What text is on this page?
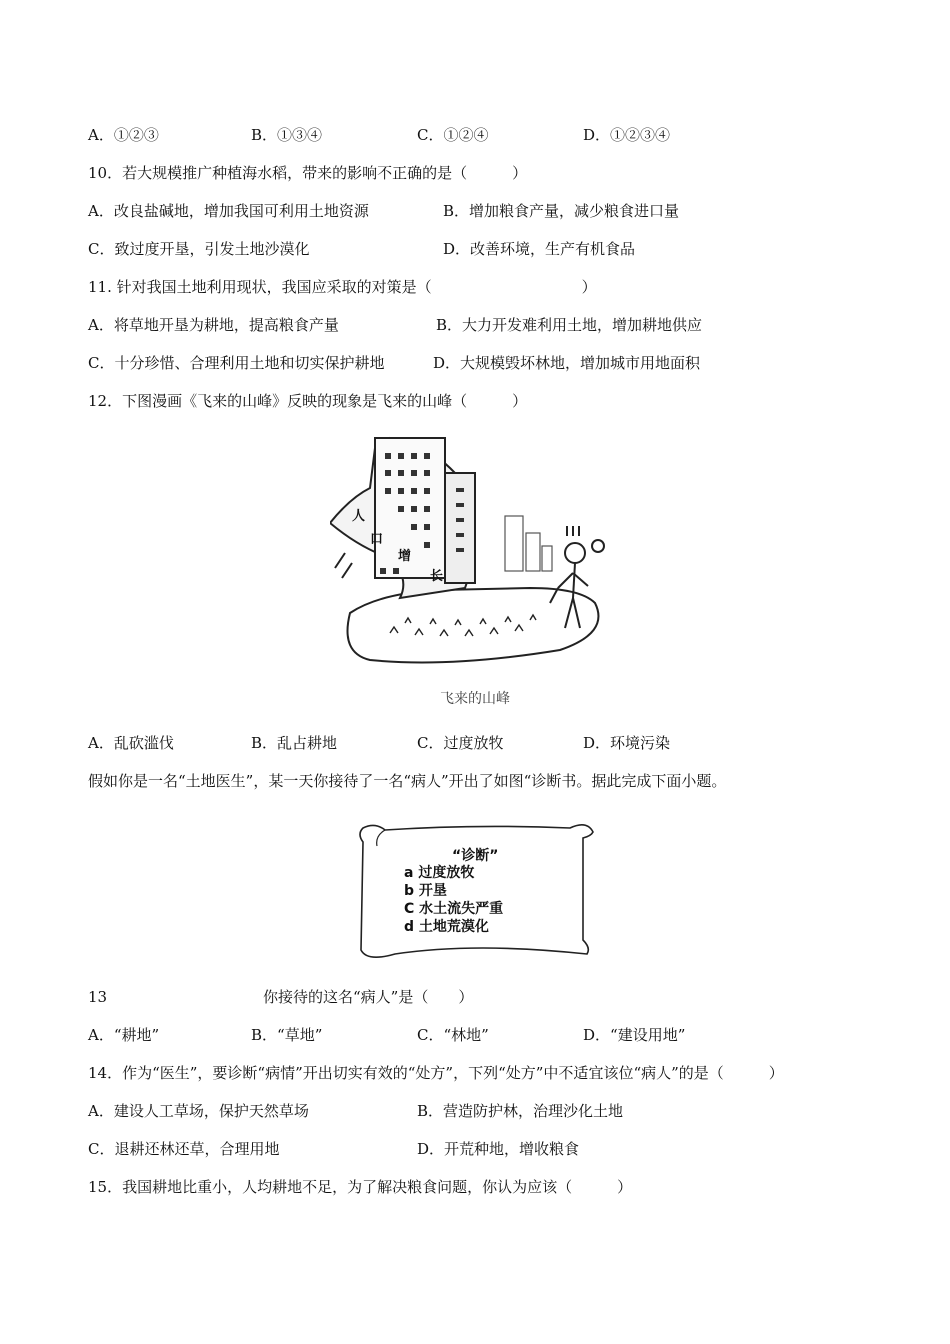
A．①②③	B．①③④	C．①②④	D．①②③④
10．若大规模推广种植海水稻，带来的影响不正确的是（　　　）
A．改良盐碱地，增加我国可利用土地资源	B．增加粮食产量，减少粮食进口量
C．致过度开垦，引发土地沙漠化	D．改善环境，生产有机食品
11. 针对我国土地利用现状，我国应采取的对策是（　　　　　　　　　　）
A．将草地开垦为耕地，提高粮食产量	B．大力开发难利用土地，增加耕地供应
C．十分珍惜、合理利用土地和切实保护耕地	D．大规模毁坏林地，增加城市用地面积
12．下图漫画《飞来的山峰》反映的现象是飞来的山峰（　　　）
人
口
增
长
飞来的山峰
A．乱砍滥伐	B．乱占耕地	C．过度放牧	D．环境污染
假如你是一名“土地医生”，某一天你接待了一名“病人”开出了如图“诊断书。据此完成下面小题。
“诊断”
a 过度放牧
b 开垦
C 水土流失严重
d 土地荒漠化
13	你接待的这名“病人”是（　　）
A．“耕地”	B．“草地”	C．“林地”	D．“建设用地”
14．作为“医生”，要诊断“病情”开出切实有效的“处方”，下列“处方”中不适宜该位“病人”的是（　　　）
A．建设人工草场，保护天然草场	B．营造防护林，治理沙化土地
C．退耕还林还草，合理用地	D．开荒种地，增收粮食
15．我国耕地比重小，人均耕地不足，为了解决粮食问题，你认为应该（　　　）
